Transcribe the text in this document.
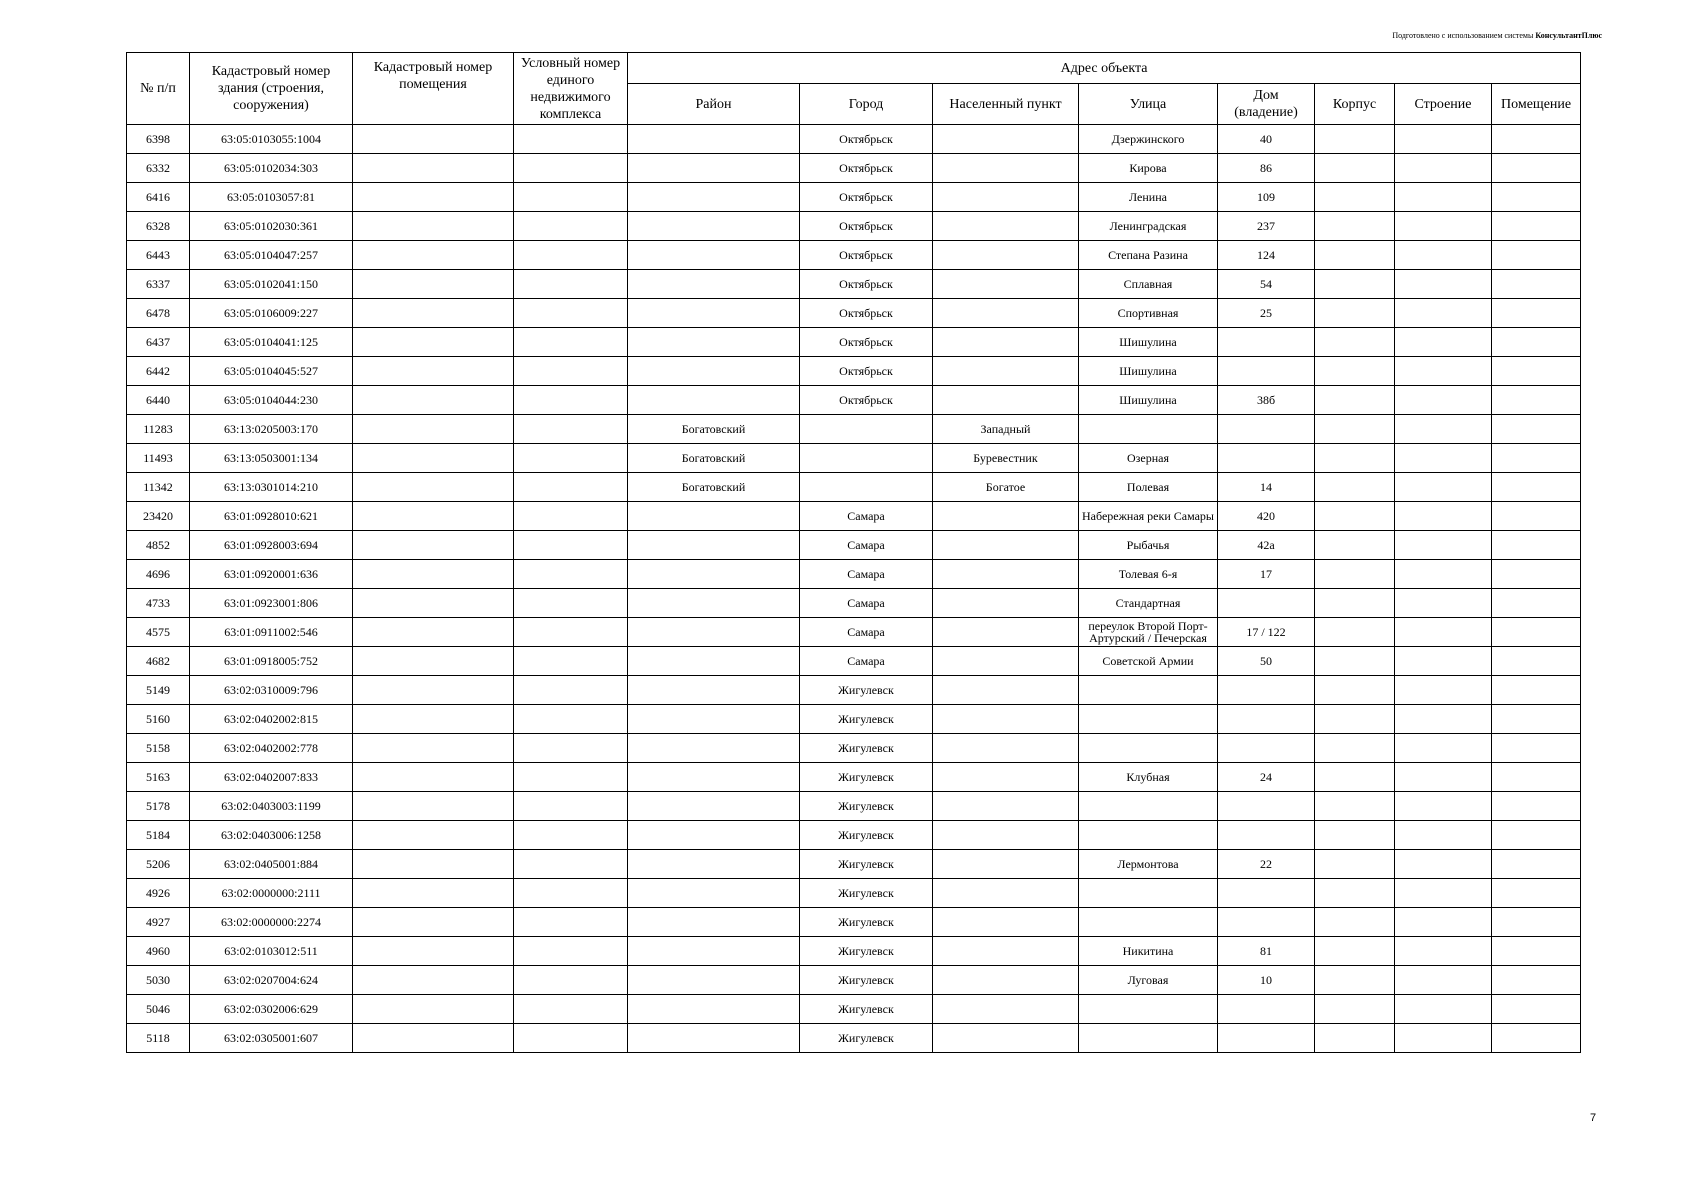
Подготовлено с использованием системы КонсультантПлюс
№ п/п	Кадастровый номер здания (строения, сооружения)	Кадастровый номер помещения	Условный номер единого недвижимого комплекса	Адрес объекта							
				Район	Город	Населенный пункт	Улица	Дом (владение)	Корпус	Строение	Помещение
6398	63:05:0103055:1004				Октябрьск		Дзержинского	40			
6332	63:05:0102034:303				Октябрьск		Кирова	86			
6416	63:05:0103057:81				Октябрьск		Ленина	109			
6328	63:05:0102030:361				Октябрьск		Ленинградская	237			
6443	63:05:0104047:257				Октябрьск		Степана Разина	124			
6337	63:05:0102041:150				Октябрьск		Сплавная	54			
6478	63:05:0106009:227				Октябрьск		Спортивная	25			
6437	63:05:0104041:125				Октябрьск		Шишулина				
6442	63:05:0104045:527				Октябрьск		Шишулина				
6440	63:05:0104044:230				Октябрьск		Шишулина	38б			
11283	63:13:0205003:170			Богатовский		Западный					
11493	63:13:0503001:134			Богатовский		Буревестник	Озерная				
11342	63:13:0301014:210			Богатовский		Богатое	Полевая	14			
23420	63:01:0928010:621				Самара		Набережная реки Самары	420			
4852	63:01:0928003:694				Самара		Рыбачья	42а			
4696	63:01:0920001:636				Самара		Толевая 6-я	17			
4733	63:01:0923001:806				Самара		Стандартная				
4575	63:01:0911002:546				Самара		переулок Второй Порт-Артурский / Печерская	17 / 122			
4682	63:01:0918005:752				Самара		Советской Армии	50			
5149	63:02:0310009:796				Жигулевск						
5160	63:02:0402002:815				Жигулевск						
5158	63:02:0402002:778				Жигулевск						
5163	63:02:0402007:833				Жигулевск		Клубная	24			
5178	63:02:0403003:1199				Жигулевск						
5184	63:02:0403006:1258				Жигулевск						
5206	63:02:0405001:884				Жигулевск		Лермонтова	22			
4926	63:02:0000000:2111				Жигулевск						
4927	63:02:0000000:2274				Жигулевск						
4960	63:02:0103012:511				Жигулевск		Никитина	81			
5030	63:02:0207004:624				Жигулевск		Луговая	10			
5046	63:02:0302006:629				Жигулевск						
5118	63:02:0305001:607				Жигулевск						
7
